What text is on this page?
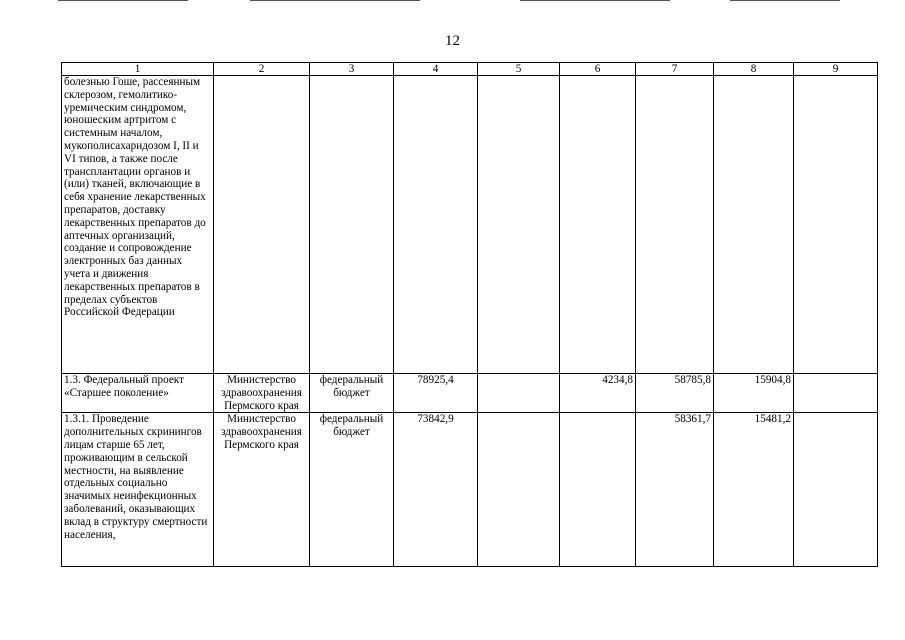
12
1	2	3	4	5	6	7	8	9
болезнью Гоше, рассеянным склерозом, гемолитико-уремическим синдромом, юношеским артритом с системным началом, мукополисахаридозом I, II и VI типов, а также после трансплантации органов и (или) тканей, включающие в себя хранение лекарственных препаратов, доставку лекарственных препаратов до аптечных организаций, создание и сопровождение электронных баз данных учета и движения лекарственных препаратов в пределах субъектов Российской Федерации								
1.3. Федеральный проект «Старшее поколение»	Министерство здравоохранения Пермского края	федеральный бюджет	78925,4		4234,8	58785,8	15904,8	
1.3.1. Проведение дополнительных скринингов лицам старше 65 лет, проживающим в сельской местности, на выявление отдельных социально значимых неинфекционных заболеваний, оказывающих вклад в структуру смертности населения,	Министерство здравоохранения Пермского края	федеральный бюджет	73842,9			58361,7	15481,2	
